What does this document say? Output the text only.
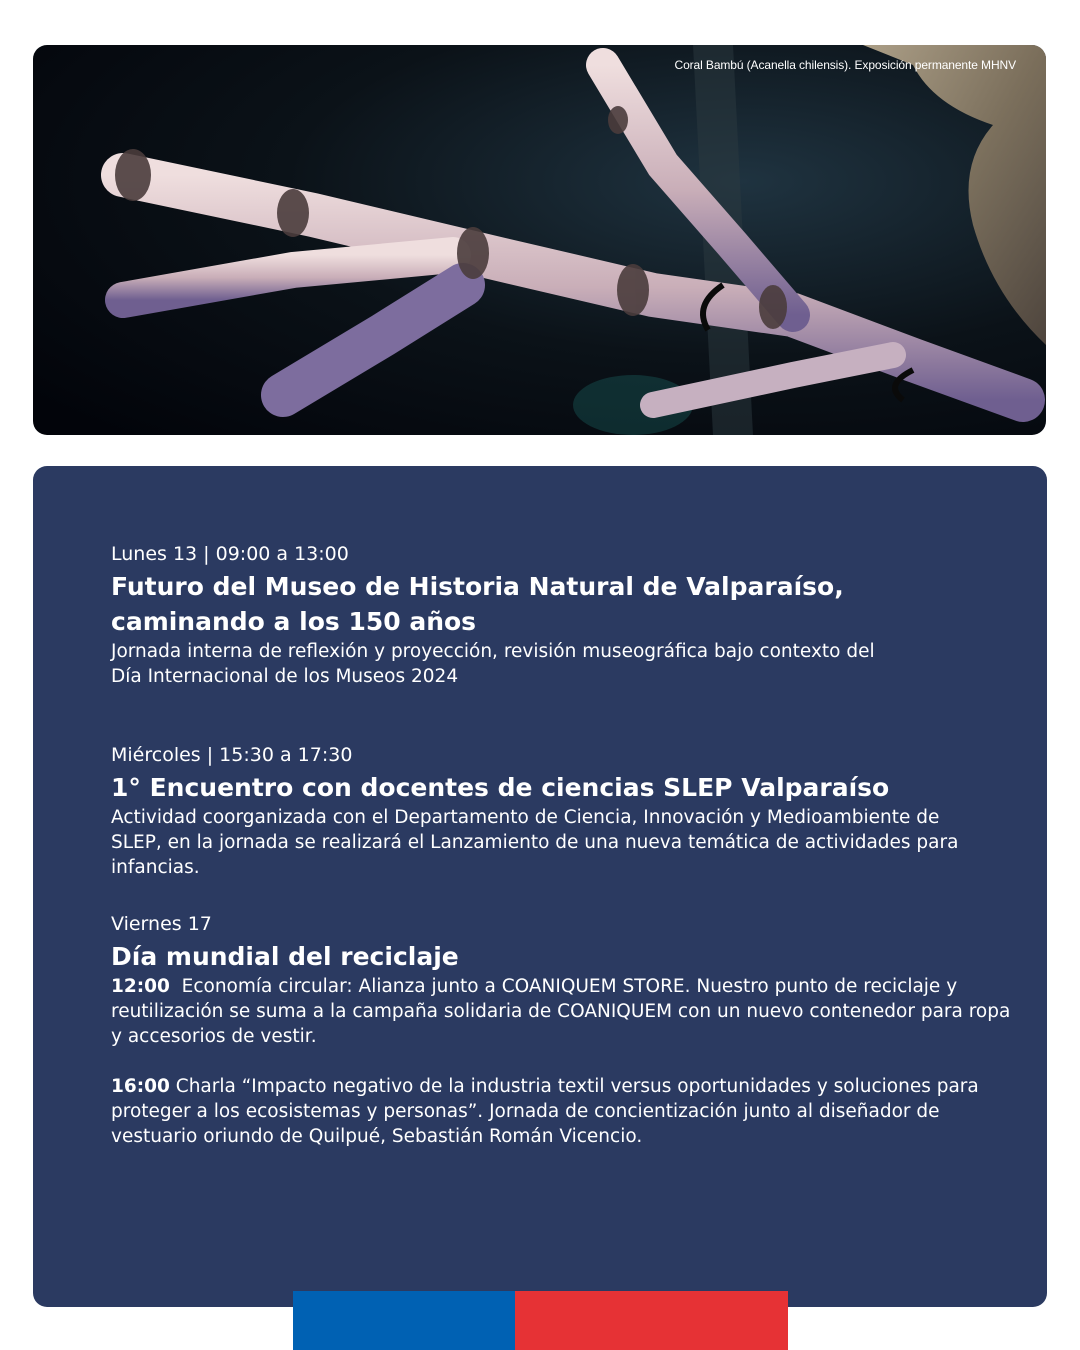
Coral Bambú (Acanella chilensis). Exposición permanente MHNV
Lunes 13 | 09:00 a 13:00
Futuro del Museo de Historia Natural de Valparaíso, caminando a los 150 años

Jornada interna de reflexión y proyección, revisión museográfica bajo contexto del Día Internacional de los Museos 2024

Miércoles | 15:30 a 17:30
1° Encuentro con docentes de ciencias SLEP Valparaíso

Actividad coorganizada con el Departamento de Ciencia, Innovación y Medioambiente de SLEP, en la jornada se realizará el Lanzamiento de una nueva temática de actividades para infancias.

Viernes 17
Día mundial del reciclaje

12:00 Economía circular: Alianza junto a COANIQUEM STORE. Nuestro punto de reciclaje y reutilización se suma a la campaña solidaria de COANIQUEM con un nuevo contenedor para ropa y accesorios de vestir.

16:00 Charla “Impacto negativo de la industria textil versus oportunidades y soluciones para proteger a los ecosistemas y personas”. Jornada de concientización junto al diseñador de vestuario oriundo de Quilpué, Sebastián Román Vicencio.
